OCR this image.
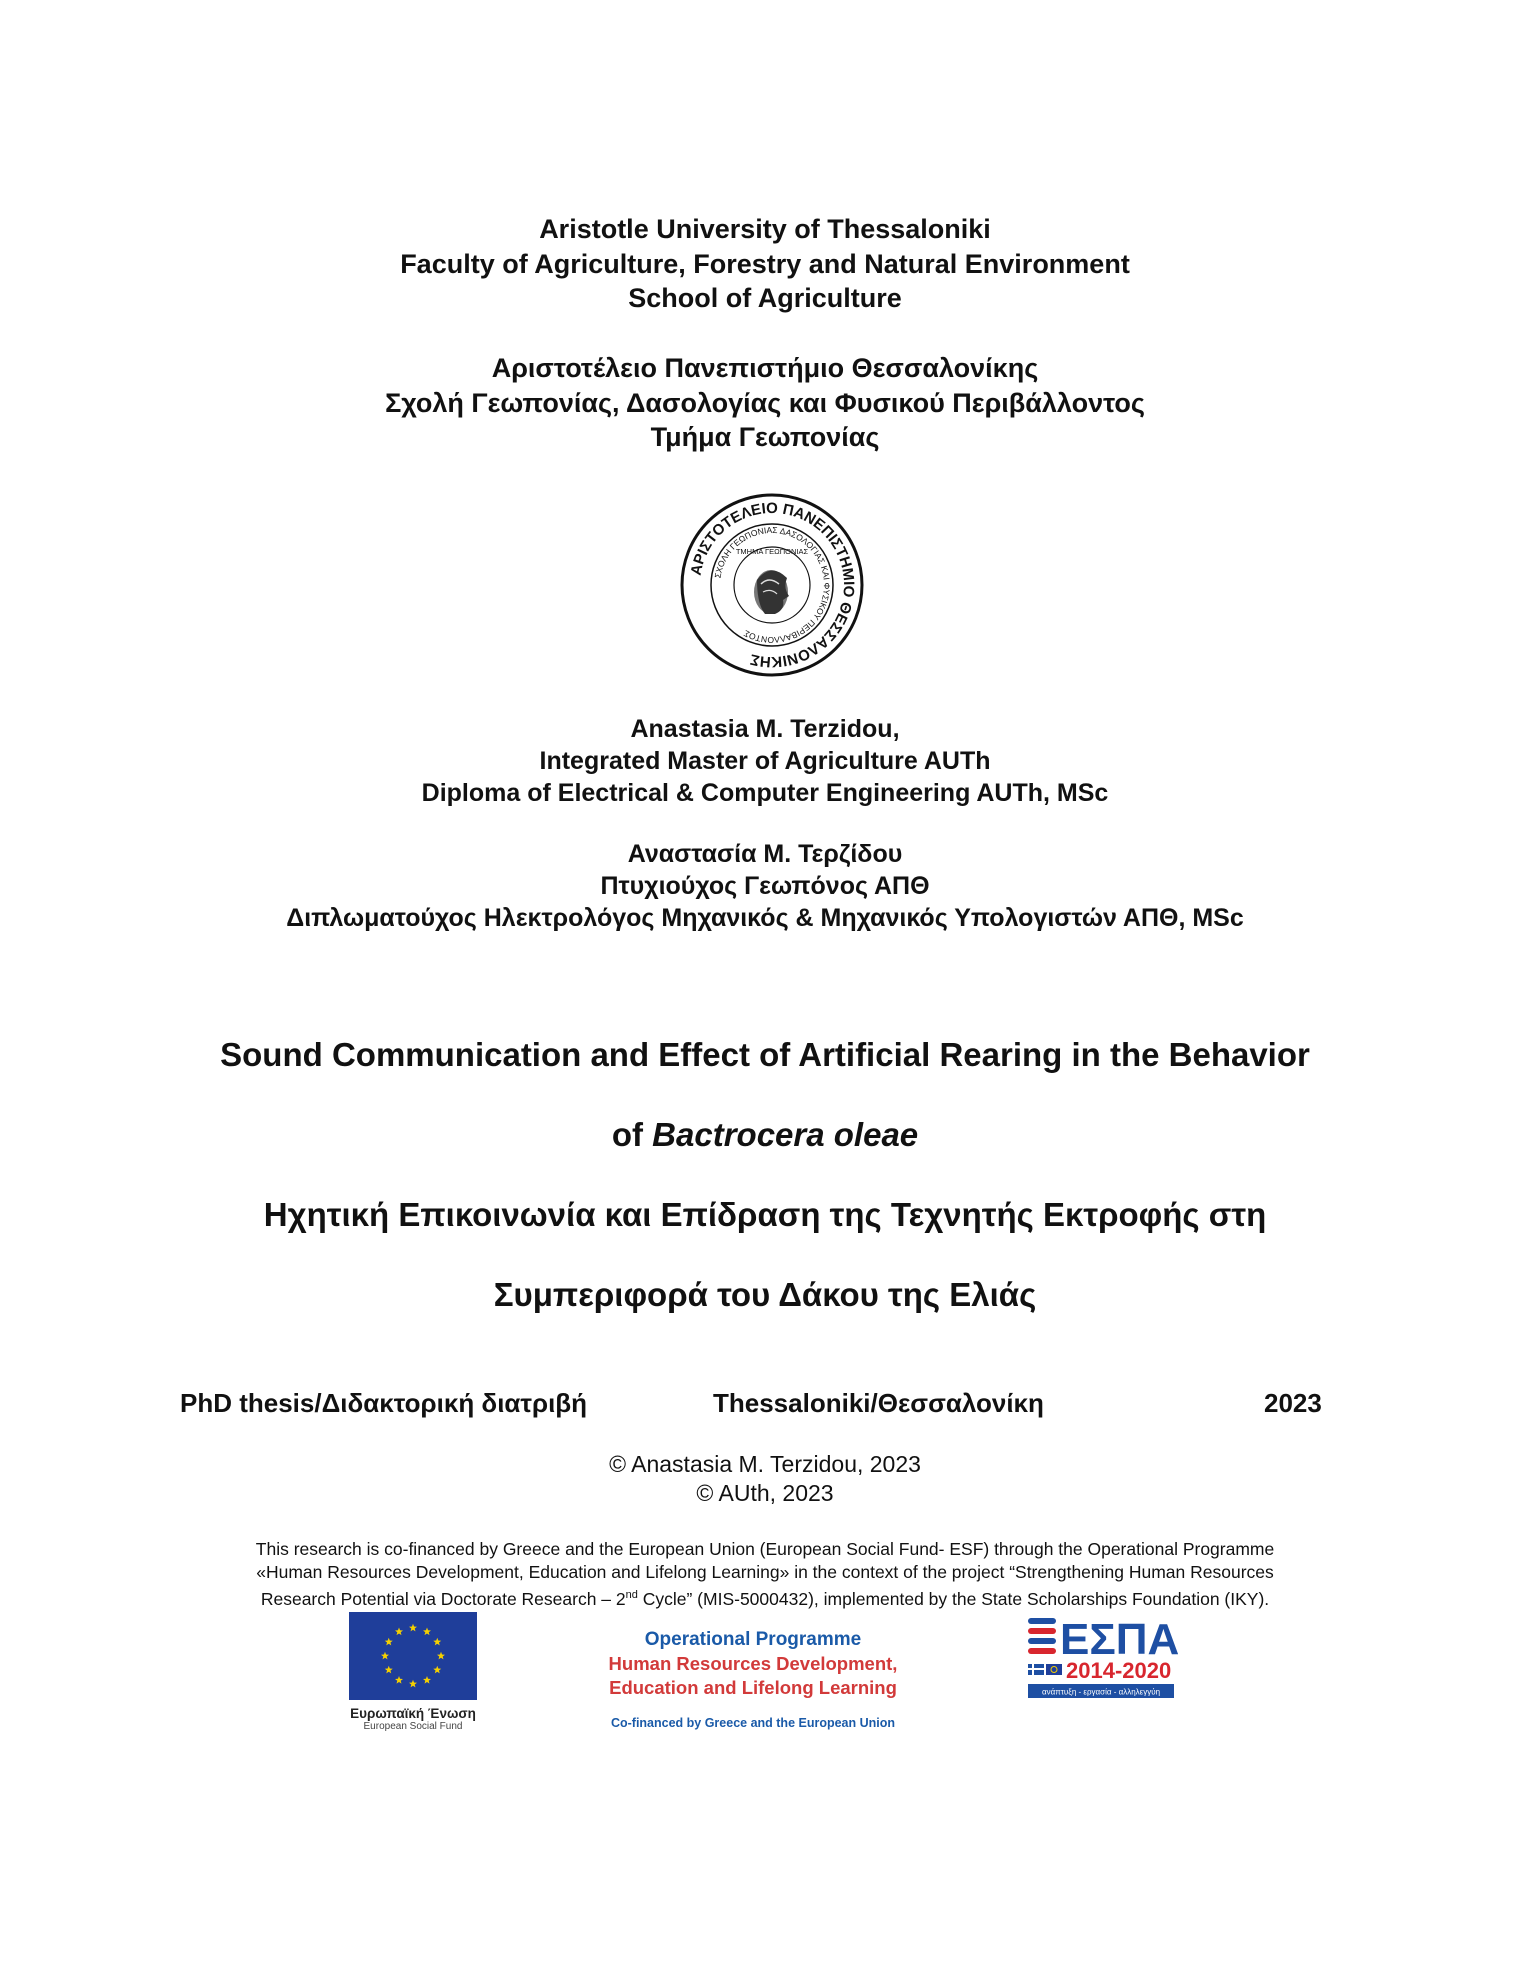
Aristotle University of Thessaloniki
Faculty of Agriculture, Forestry and Natural Environment
School of Agriculture
Αριστοτέλειο Πανεπιστήμιο Θεσσαλονίκης
Σχολή Γεωπονίας, Δασολογίας και Φυσικού Περιβάλλοντος
Τμήμα Γεωπονίας
ΑΡΙΣΤΟΤΕΛΕΙΟ ΠΑΝΕΠΙΣΤΗΜΙΟ ΘΕΣΣΑΛΟΝΙΚΗΣ
ΣΧΟΛΗ ΓΕΩΠΟΝΙΑΣ ΔΑΣΟΛΟΓΙΑΣ ΚΑΙ ΦΥΣΙΚΟΥ ΠΕΡΙΒΑΛΛΟΝΤΟΣ
ΤΜΗΜΑ ΓΕΩΠΟΝΙΑΣ
Anastasia M. Terzidou,
Integrated Master of Agriculture AUTh
Diploma of Electrical & Computer Engineering AUTh, MSc
Αναστασία Μ. Τερζίδου
Πτυχιούχος Γεωπόνος ΑΠΘ
Διπλωματούχος Ηλεκτρολόγος Μηχανικός & Μηχανικός Υπολογιστών ΑΠΘ, MSc
Sound Communication and Effect of Artificial Rearing in the Behavior
of Bactrocera oleae
Ηχητική Επικοινωνία και Επίδραση της Τεχνητής Εκτροφής στη
Συμπεριφορά του Δάκου της Ελιάς
PhD thesis/Διδακτορική διατριβή	Thessaloniki/Θεσσαλονίκη	2023
© Anastasia M. Terzidou, 2023
© AUth, 2023
This research is co-financed by Greece and the European Union (European Social Fund- ESF) through the Operational Programme
«Human Resources Development, Education and Lifelong Learning» in the context of the project “Strengthening Human Resources
Research Potential via Doctorate Research – 2nd Cycle” (MIS-5000432), implemented by the State Scholarships Foundation (IKY).
Ευρωπαϊκή Ένωση
European Social Fund
Operational Programme
Human Resources Development,
Education and Lifelong Learning
Co-financed by Greece and the European Union
ΕΣΠΑ
2014-2020
ανάπτυξη - εργασία - αλληλεγγύη
